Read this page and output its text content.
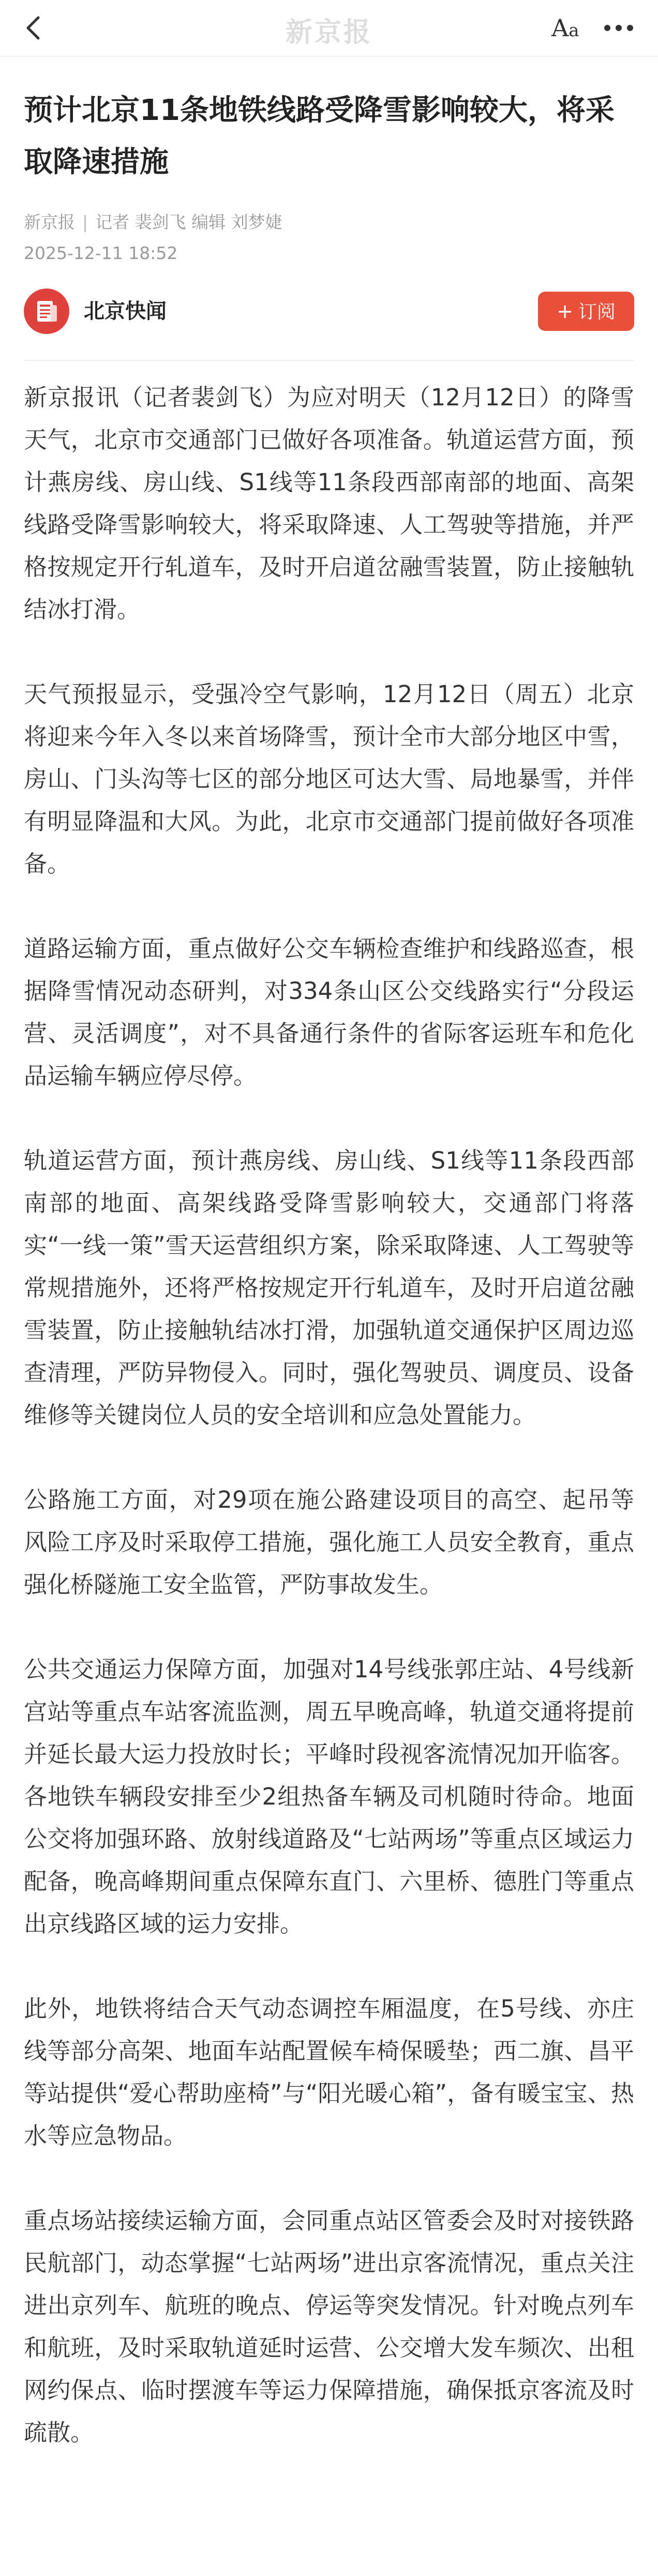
新京报	Aa
预计北京11条地铁线路受降雪影响较大，将采取降速措施
新京报 | 记者 裴剑飞 编辑 刘梦婕
2025-12-11 18:52
北京快闻	+ 订阅

新京报讯（记者裴剑飞）为应对明天（12月12日）的降雪天气，北京市交通部门已做好各项准备。轨道运营方面，预计燕房线、房山线、S1线等11条段西部南部的地面、高架线路受降雪影响较大，将采取降速、人工驾驶等措施，并严格按规定开行轧道车，及时开启道岔融雪装置，防止接触轨结冰打滑。

天气预报显示，受强冷空气影响，12月12日（周五）北京将迎来今年入冬以来首场降雪，预计全市大部分地区中雪，房山、门头沟等七区的部分地区可达大雪、局地暴雪，并伴有明显降温和大风。为此，北京市交通部门提前做好各项准备。

道路运输方面，重点做好公交车辆检查维护和线路巡查，根据降雪情况动态研判，对334条山区公交线路实行“分段运营、灵活调度”，对不具备通行条件的省际客运班车和危化品运输车辆应停尽停。

轨道运营方面，预计燕房线、房山线、S1线等11条段西部南部的地面、高架线路受降雪影响较大，交通部门将落实“一线一策”雪天运营组织方案，除采取降速、人工驾驶等常规措施外，还将严格按规定开行轧道车，及时开启道岔融雪装置，防止接触轨结冰打滑，加强轨道交通保护区周边巡查清理，严防异物侵入。同时，强化驾驶员、调度员、设备维修等关键岗位人员的安全培训和应急处置能力。

公路施工方面，对29项在施公路建设项目的高空、起吊等风险工序及时采取停工措施，强化施工人员安全教育，重点强化桥隧施工安全监管，严防事故发生。

公共交通运力保障方面，加强对14号线张郭庄站、4号线新宫站等重点车站客流监测，周五早晚高峰，轨道交通将提前并延长最大运力投放时长；平峰时段视客流情况加开临客。各地铁车辆段安排至少2组热备车辆及司机随时待命。地面公交将加强环路、放射线道路及“七站两场”等重点区域运力配备，晚高峰期间重点保障东直门、六里桥、德胜门等重点出京线路区域的运力安排。

此外，地铁将结合天气动态调控车厢温度，在5号线、亦庄线等部分高架、地面车站配置候车椅保暖垫；西二旗、昌平等站提供“爱心帮助座椅”与“阳光暖心箱”，备有暖宝宝、热水等应急物品。

重点场站接续运输方面，会同重点站区管委会及时对接铁路民航部门，动态掌握“七站两场”进出京客流情况，重点关注进出京列车、航班的晚点、停运等突发情况。针对晚点列车和航班，及时采取轨道延时运营、公交增大发车频次、出租网约保点、临时摆渡车等运力保障措施，确保抵京客流及时疏散。
